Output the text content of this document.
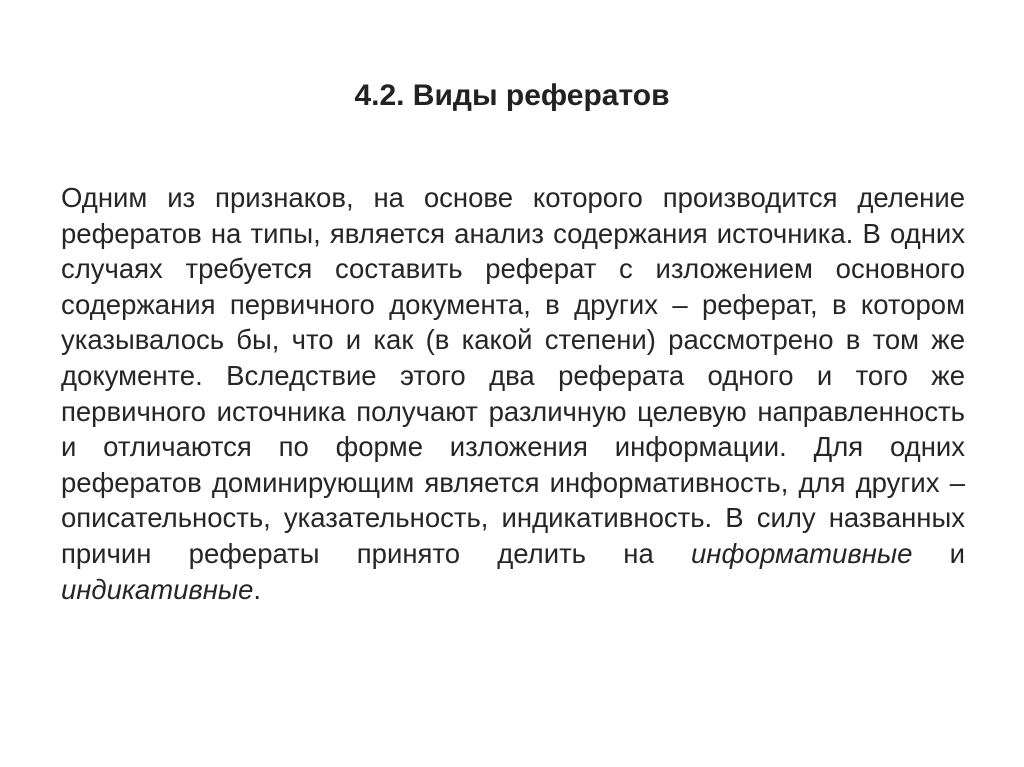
4.2. Виды рефератов

Одним из признаков, на основе которого производится деление рефератов на типы, является анализ содержания источника. В одних случаях требуется составить реферат с изложением основного содержания первичного документа, в других – реферат, в котором указывалось бы, что и как (в какой степени) рассмотрено в том же документе. Вследствие этого два реферата одного и того же первичного источника получают различную целевую направленность и отличаются по форме изложения информации. Для одних рефератов доминирующим является информативность, для других – описательность, указательность, индикативность. В силу названных причин рефераты принято делить на информативные и индикативные.
